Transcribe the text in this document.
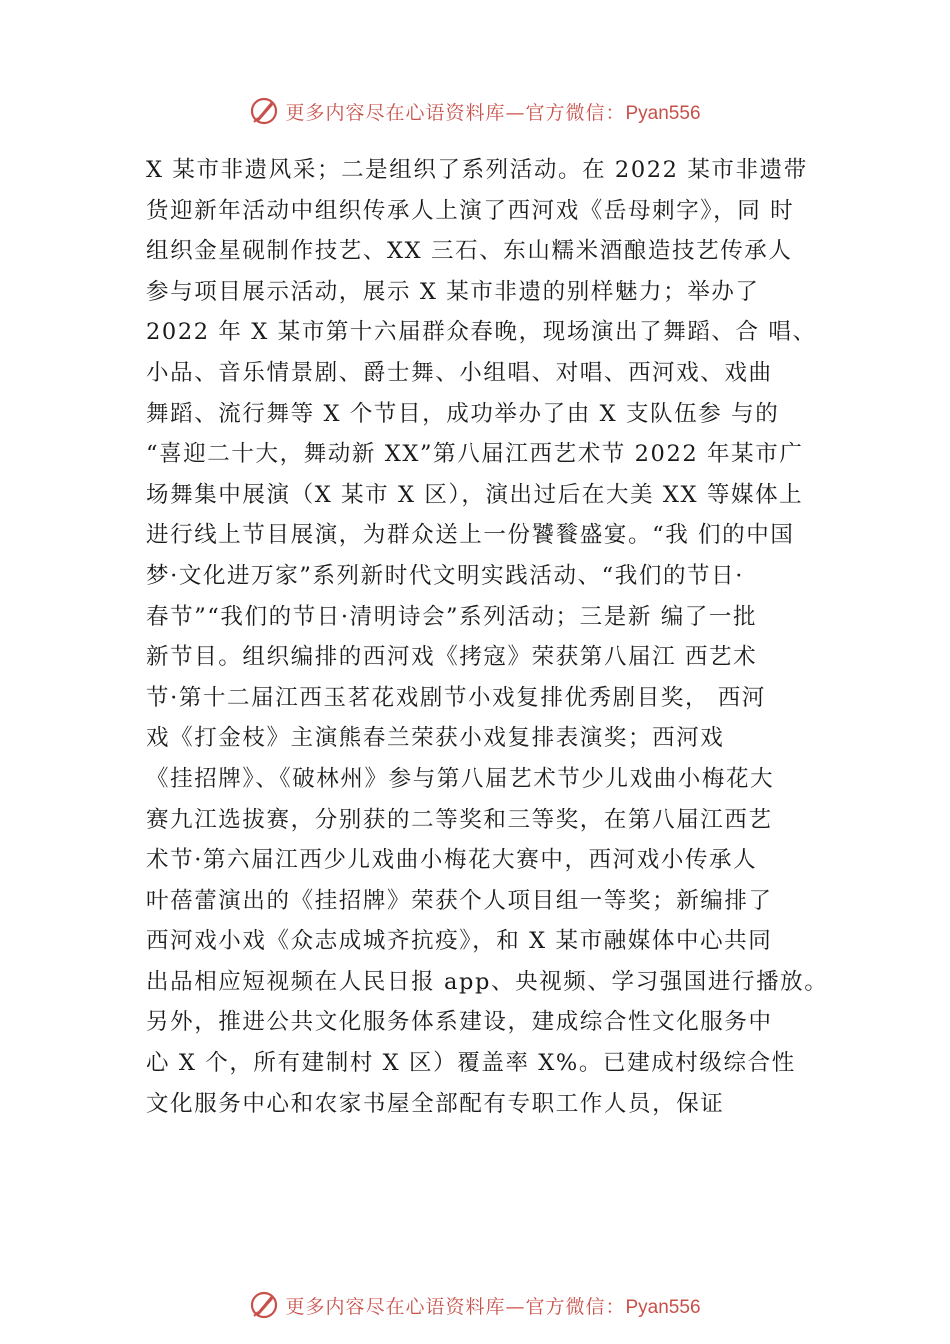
更多内容尽在心语资料库—官方微信：Pyan556
X 某市非遗风采；二是组织了系列活动。在 2022 某市非遗带
货迎新年活动中组织传承人上演了西河戏《岳母刺字》，同 时
组织金星砚制作技艺、XX 三石、东山糯米酒酿造技艺传承人
参与项目展示活动，展示 X 某市非遗的别样魅力；举办了
2022 年 X 某市第十六届群众春晚，现场演出了舞蹈、合 唱、
小品、音乐情景剧、爵士舞、小组唱、对唱、西河戏、戏曲
舞蹈、流行舞等 X 个节目，成功举办了由 X 支队伍参 与的
“喜迎二十大，舞动新 XX”第八届江西艺术节 2022 年某市广
场舞集中展演（X 某市 X 区），演出过后在大美 XX 等媒体上
进行线上节目展演，为群众送上一份饕餮盛宴。“我 们的中国
梦·文化进万家”系列新时代文明实践活动、“我们的节日·
春节”“我们的节日·清明诗会”系列活动；三是新 编了一批
新节目。组织编排的西河戏《拷寇》荣获第八届江 西艺术
节·第十二届江西玉茗花戏剧节小戏复排优秀剧目奖， 西河
戏《打金枝》主演熊春兰荣获小戏复排表演奖；西河戏
《挂招牌》、《破林州》参与第八届艺术节少儿戏曲小梅花大
赛九江选拔赛，分别获的二等奖和三等奖，在第八届江西艺
术节·第六届江西少儿戏曲小梅花大赛中，西河戏小传承人
叶蓓蕾演出的《挂招牌》荣获个人项目组一等奖；新编排了
西河戏小戏《众志成城齐抗疫》，和 X 某市融媒体中心共同
出品相应短视频在人民日报 app、央视频、学习强国进行播放。
另外，推进公共文化服务体系建设，建成综合性文化服务中
心 X 个，所有建制村 X 区）覆盖率 X%。已建成村级综合性
文化服务中心和农家书屋全部配有专职工作人员，保证
更多内容尽在心语资料库—官方微信：Pyan556
